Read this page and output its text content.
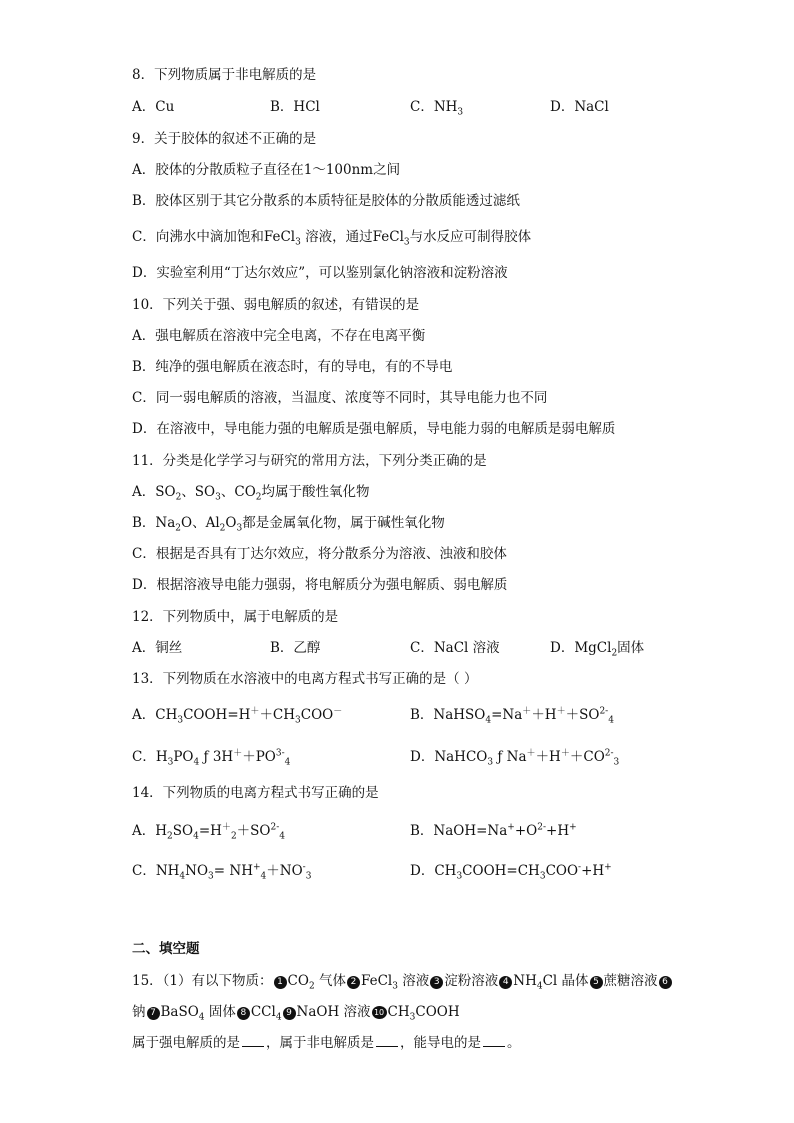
8．下列物质属于非电解质的是
A．Cu	B．HCl	C．$NH_3$	D．NaCl
9．关于胶体的叙述不正确的是
A．胶体的分散质粒子直径在1～100nm之间
B．胶体区别于其它分散系的本质特征是胶体的分散质能透过滤纸
C．向沸水中滴加饱和FeCl$_3$ 溶液，通过FeCl$_3$与水反应可制得胶体
D．实验室利用“丁达尔效应”，可以鉴别氯化钠溶液和淀粉溶液
10．下列关于强、弱电解质的叙述，有错误的是
A．强电解质在溶液中完全电离，不存在电离平衡
B．纯净的强电解质在液态时，有的导电，有的不导电
C．同一弱电解质的溶液，当温度、浓度等不同时，其导电能力也不同
D．在溶液中，导电能力强的电解质是强电解质，导电能力弱的电解质是弱电解质
11．分类是化学学习与研究的常用方法，下列分类正确的是
A．$SO_2$、$SO_3$、$CO_2$均属于酸性氧化物
B．$Na_2O$、$Al_2O_3$都是金属氧化物，属于碱性氧化物
C．根据是否具有丁达尔效应，将分散系分为溶液、浊液和胶体
D．根据溶液导电能力强弱，将电解质分为强电解质、弱电解质
12．下列物质中，属于电解质的是
A．铜丝	B．乙醇	C．NaCl 溶液	D．MgCl$_2$固体
13．下列物质在水溶液中的电离方程式书写正确的是（ ）
A．$CH_3COOH=H^++CH_3COO^-$	B．$NaHSO_4=Na^++H^++SO^{2-}_4$
C．$H_3PO_4$ ƒ $3H^++PO^{3-}_4$	D．NaHCO$_3$ ƒ $Na^++H^++CO^{2-}_3$
14．下列物质的电离方程式书写正确的是
A．$H_2SO_4=H^+_2+SO^{2-}_4$	B．$NaOH=Na^++O^{2-}+H^+$
C．$NH_4NO_3= NH^+_4+NO^-_3$	D．$CH_3COOH=CH_3COO^-+H^+$
二、填空题
15．（1）有以下物质： 1 $CO_2$ 气体 2 FeCl$_3$ 溶液 3 淀粉溶液 4 $NH_4Cl$ 晶体 5 蔗糖溶液 6
钠 7 BaSO$_4$ 固体 8 CCl$_4$ 9 NaOH 溶液 10 $CH_3COOH$
属于强电解质的是 ，属于非电解质是 ，能导电的是 。
